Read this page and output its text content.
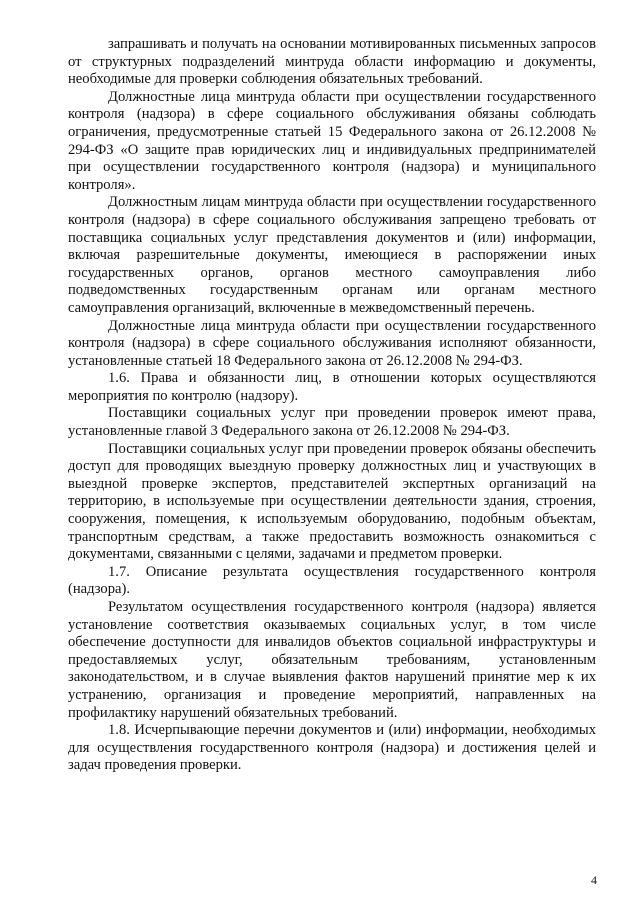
запрашивать и получать на основании мотивированных письменных запросов от структурных подразделений минтруда области информацию и документы, необходимые для проверки соблюдения обязательных требований.

Должностные лица минтруда области при осуществлении государственного контроля (надзора) в сфере социального обслуживания обязаны соблюдать ограничения, предусмотренные статьей 15 Федерального закона от 26.12.2008 № 294-ФЗ «О защите прав юридических лиц и индивидуальных предпринимателей при осуществлении государственного контроля (надзора) и муниципального контроля».

Должностным лицам минтруда области при осуществлении государственного контроля (надзора) в сфере социального обслуживания запрещено требовать от поставщика социальных услуг представления документов и (или) информации, включая разрешительные документы, имеющиеся в распоряжении иных государственных органов, органов местного самоуправления либо подведомственных государственным органам или органам местного самоуправления организаций, включенные в межведомственный перечень.

Должностные лица минтруда области при осуществлении государственного контроля (надзора) в сфере социального обслуживания исполняют обязанности, установленные статьей 18 Федерального закона от 26.12.2008 № 294-ФЗ.

1.6. Права и обязанности лиц, в отношении которых осуществляются мероприятия по контролю (надзору).

Поставщики социальных услуг при проведении проверок имеют права, установленные главой 3 Федерального закона от 26.12.2008 № 294-ФЗ.

Поставщики социальных услуг при проведении проверок обязаны обеспечить доступ для проводящих выездную проверку должностных лиц и участвующих в выездной проверке экспертов, представителей экспертных организаций на территорию, в используемые при осуществлении деятельности здания, строения, сооружения, помещения, к используемым оборудованию, подобным объектам, транспортным средствам, а также предоставить возможность ознакомиться с документами, связанными с целями, задачами и предметом проверки.

1.7. Описание результата осуществления государственного контроля (надзора).

Результатом осуществления государственного контроля (надзора) является установление соответствия оказываемых социальных услуг, в том числе обеспечение доступности для инвалидов объектов социальной инфраструктуры и предоставляемых услуг, обязательным требованиям, установленным законодательством, и в случае выявления фактов нарушений принятие мер к их устранению, организация и проведение мероприятий, направленных на профилактику нарушений обязательных требований.

1.8. Исчерпывающие перечни документов и (или) информации, необходимых для осуществления государственного контроля (надзора) и достижения целей и задач проведения проверки.

4
